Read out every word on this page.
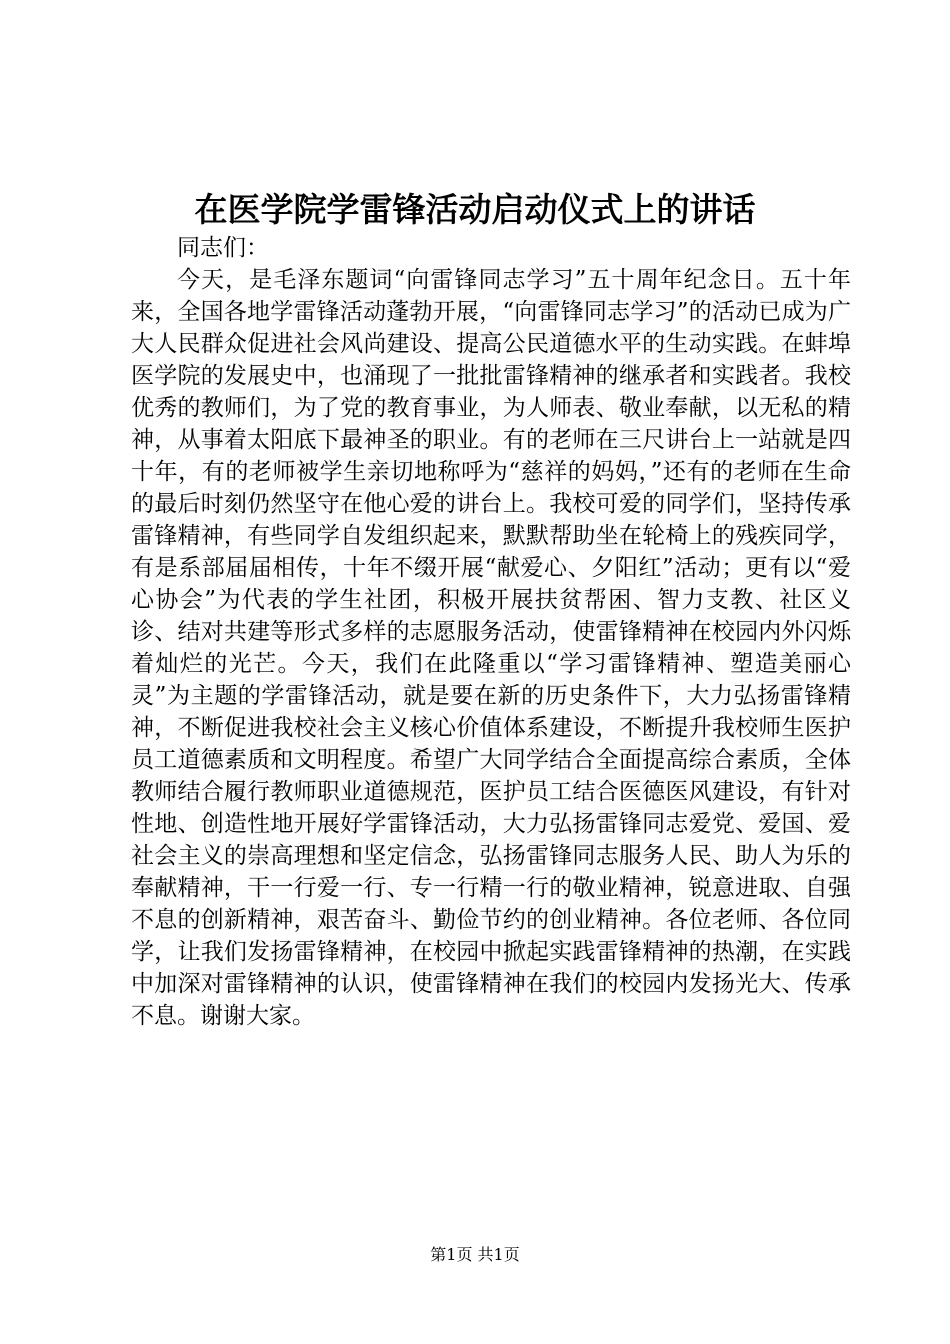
在医学院学雷锋活动启动仪式上的讲话

同志们：

今天，是毛泽东题词“向雷锋同志学习”五十周年纪念日。五十年来，全国各地学雷锋活动蓬勃开展，“向雷锋同志学习”的活动已成为广大人民群众促进社会风尚建设、提高公民道德水平的生动实践。在蚌埠医学院的发展史中，也涌现了一批批雷锋精神的继承者和实践者。我校优秀的教师们，为了党的教育事业，为人师表、敬业奉献，以无私的精神，从事着太阳底下最神圣的职业。有的老师在三尺讲台上一站就是四十年，有的老师被学生亲切地称呼为“慈祥的妈妈，”还有的老师在生命的最后时刻仍然坚守在他心爱的讲台上。我校可爱的同学们，坚持传承雷锋精神，有些同学自发组织起来，默默帮助坐在轮椅上的残疾同学，有是系部届届相传，十年不缀开展“献爱心、夕阳红”活动；更有以“爱心协会”为代表的学生社团，积极开展扶贫帮困、智力支教、社区义诊、结对共建等形式多样的志愿服务活动，使雷锋精神在校园内外闪烁着灿烂的光芒。今天，我们在此隆重以“学习雷锋精神、塑造美丽心灵”为主题的学雷锋活动，就是要在新的历史条件下，大力弘扬雷锋精神，不断促进我校社会主义核心价值体系建设，不断提升我校师生医护员工道德素质和文明程度。希望广大同学结合全面提高综合素质，全体教师结合履行教师职业道德规范，医护员工结合医德医风建设，有针对性地、创造性地开展好学雷锋活动，大力弘扬雷锋同志爱党、爱国、爱社会主义的崇高理想和坚定信念，弘扬雷锋同志服务人民、助人为乐的奉献精神，干一行爱一行、专一行精一行的敬业精神，锐意进取、自强不息的创新精神，艰苦奋斗、勤俭节约的创业精神。各位老师、各位同学，让我们发扬雷锋精神，在校园中掀起实践雷锋精神的热潮，在实践中加深对雷锋精神的认识，使雷锋精神在我们的校园内发扬光大、传承不息。谢谢大家。

第1页 共1页
